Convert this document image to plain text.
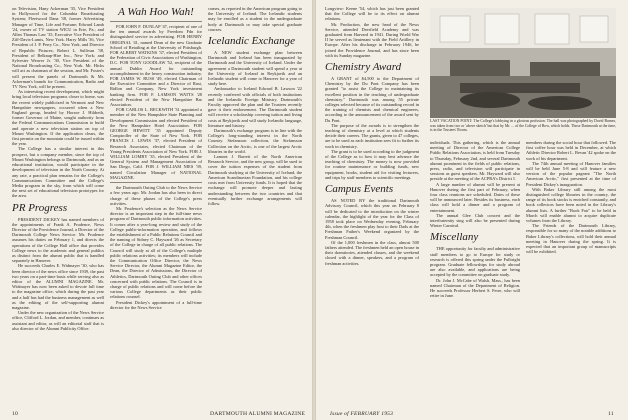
on Television, Hany Ackerman '35, Vice President in Hollywood for the Columbia Broadcasting System; Fleetwood Dana '38, former Advertising Manager of Time, Life and Fortune; Edward Lamb '24, owner of TV station WICU in Erie, Pa.; and Allen Thomas Law '35, Executive Vice President of Ziff-Davis-Lumis, New York. Harry Mills '36, Vice President of J. P. Perry Co., New York, and Director of Republic Pictures; Robert L. Sullivan '38, President of Belknap-Hire Inc., New York; and Sylvester Weaver Jr. '30, Vice President of the National Broadcasting Co., New York. Mr. Hicks will act as chairman of the session, and Mr. Foster's will present the panels of Dartmouth & Mr. Ackerman's brands for Communication, Radio and TV New York, will be present.

As interesting recent development, which might bring local television programs closer to home, was the recent widely publicized in Vermont and New Hampshire newspapers, occurred when a New England group, headed by Horace J. Hildreth, former Governor of Maine, sought authority from the Federal Communications Commission to build and operate a new television station on top of Mount Washington. If the application clears, the first permits on the mountain could be issued within the year.

The College has a similar interest in this prospect, but a company member, since the top of Mount Washington belongs to Dartmouth, and as an educational institution, would participate in the development of television in the North Country. At any rate, a practical plan remains for the College's Communications Committee and the College's Media program in the sky, from which will come the next set of educational television prototypes for the area.

PR Progress

PRESIDENT DICKEY has named members of the appointments of Frank A. Prudence, News Director of the Providence Journal, a Director of the Dartmouth College News Service. Mr. Prudence assumes his duties on February 1, and directs the operations of the College Hall office that provides College news to the academic and general publics as distinct from the alumni public that is handled separately in Hanover.

He succeeds Charles E. Widmayer '30, who has been director of the news office since 1939, the past two years on a part-time basis while serving also as editor of the ALUMNI MAGAZINE. Mr. Widmayer has now been asked to devote full time to the magazine office, which during the past year and a half has had the business management as well as the editing of the self-supporting alumni magazine.

Under the new organization of the News Service office, Clifford L. Jordan, and member, continues as assistant and editor, as will an editorial staff that is also director of the Alumni Publicity Office.

A Wah Hoo Wah!

FOR JOHN F. DUNLAP '47, recipient of one of the ten annual awards by Freedom Fdn for distinguished service in advertising. FOR HENRY ORIGINAL '41, named Dean of the new Graduate School of Retailing at the University of Pittsburgh. FOR ALBERT WATKINS '37, elected President of the Federation of Civic Associations of Washington, D.C. FOR TONY GOODLAW '52, recipient of the annual Dublin Award for outstanding accomplishment in the heavy construction industry. FOR JAMES W. RUSS '49, elected Chairman of the Executive Committee and a Director of Rust, Ridlon and Company, New York investment banking firm. FOR F. LAMSON WATTS '28 elected President of the New Hampshire Bar Association.

FOR CARLOS L. BECKWITH '31 appointed a member of the New Hampshire State Planning and Development Commission and elected President of the New Hampshire Hotel Association. FOR GEORGE HEWITT '35 appointed Deputy Comptroller of the State of New York. FOR FRANCIS J. LEWIS '37, elected President of Research Associates, elected Chairman of the Young Presidents Association of New York. FOR J. WILLIAM LOMBY '35, elected President of the General System and Management Association of San Diego, Calif. FOR J. WILLIAM NIES '39, named Circulation Manager of NATIONAL MAGAZINE.

the Dartmouth Outing Club to the News Service a few years ago. Mr. Jordan has also been in direct charge of these phases of the College's press activities.

Mr. Prudence's selection as the News Service director is an important step in the full-time news program of Dartmouth public information activities. It comes after a year-long review and study of the College public-information operation, and follows the establishment of a Public Relations Council and the naming of Sidney C. Hayward '26 as Secretary of the College in charge of all public relations. The Council will study at all of the College's multiple public relations activities; its members will include the Communication Office Director, the News Service Director, the Alumni Magazine Editor, the Dean, the Director of Admissions, the Director of Athletics, Dartmouth Outing Club and other offices concerned with public relations. The Council is in charge of public relations and will come before the various College departments as their public relations counsel.

President Dickey's appointment of a full-time director for the News Service

comes, as reported in the American program going to the University of Iceland. The Icelandic students may be enrolled as a student in the undergraduate body at Dartmouth or may take special graduate courses.

Icelandic Exchange

A NEW student exchange plan between Dartmouth and Iceland has been inaugurated by Dartmouth and the University of Iceland. Under the agreement a Dartmouth student will spend a year at the University of Iceland in Reykjavik and an Icelandic student will come to Hanover for a year of study here.

Ambassador to Iceland Edward B. Lawson '22 recently conferred with officials of both institutions and the Icelandic Foreign Ministry. Dartmouth's Faculty approved the plan and the Trustees recently gave it their endorsement. The Dartmouth student will receive a scholarship covering tuition and living costs at Reykjavik and will study Icelandic language, literature and history.

Dartmouth's exchange program is in line with the College's long-standing interest in the North Country. Stefansson collection, the Stefansson Collection on the Arctic, is one of the largest Arctic libraries in the world.

Lamont J. Barrett of the North American Research Service, and the new group, will be used to cover the tuition expenses of the student from Dartmouth studying at the University of Iceland, the American Scandinavian Foundation, and his college costs met from University funds. It is hoped that the exchange will promote deeper and lasting understanding between the two countries and that eventually further exchange arrangements will follow.

Longview: Keene '54, which has just been granted that the College will be to its effect on alumni relations.

Mr. Production, the new head of the News Service, attended Deerfield Academy and was graduated from Harvard in 1941. During World War II he served as lieutenant with the Field Artillery in Europe. After his discharge in February 1946, he joined the Providence Journal, and has since been with its Sunday magazine.

Chemistry Award

A GRANT of $4,500 to the Department of Chemistry by the Du Pont Company has been granted "to assist the College in maintaining its excellent position in the teaching of undergraduate chemistry." Dartmouth was among 55 private colleges selected because of its outstanding record in the training of chemists and chemical engineers, according to the announcement of the award sent by Du Pont.

The purpose of the awards is to strengthen the teaching of chemistry at a level at which students decide their careers. The grants, given to 47 colleges, are to be used as each institution sees fit to further its work in chemistry.

The grant is to be used according to the judgment of the College as to how it may best advance the teaching of chemistry. The money is now provided for routine maintenance or building funds, new equipment, books, student aid for visiting lecturers, and trips by staff members to scientific meetings.

Campus Events

AS NOTED BY the traditional Dartmouth Advisory Council, which this year on February 8 will be dedicated to the introduction on the winter calendar, the highlight of the year for the Class of 1958 took place on Wednesday evening, February 4th, when the freshmen play host to their Dads at the Freshman Father's Weekend organized by the Freshman Council.

Of the 1,000 freshmen in the class, almost 500 fathers attended. The freshmen held an open house in their dormitories, attended classes, and the weekend closed with a dinner, speakers, and a program of freshman activities.

LAST VACATION POINT: The College's lobbying in a glorious profusion. The hall was photographed by David Barnes, was taken from two or 'above sketch' but that by Mr. ... of the College of Bow, which holds. Those Dartmouth at the time, is in the Trustees' Room.

individuals. This gathering, which is the annual meeting of Director of the American College Public Relations Association, is held from Tuesday to Thursday, February 2nd, and several Dartmouth alumni prominent in the fields of public relations, press, radio, and television will participate in sessions as guest speakers. Mr. Hayward will also preside at the meeting of the ACPRA's District I.

A large number of alumni will be present at Hanover during the first part of February, when four class reunions are scheduled. Dates of these will be announced later. Besides its business, each class will hold a dinner and a program of entertainment.

The annual Glee Club concert and the interfraternity sing will also be presented during Winter Carnival.

Miscellany

THE opportunity for faculty and administrative staff members to go to Europe for study or research is offered this spring under the Fulbright program. Graduate fellowships for study abroad are also available, and applications are being accepted by the committee on graduate study.

Dr. John J. McCabe of Walsh, Mass., has been named Chairman of the Department of Religion. He succeeds Professor Herbert S. Ferre, who will retire in June.

members during the social hour that followed. The first coffee hour was held in December, at which Athletic Director Robert L. Bevan '42 spoke on the work of his department.

The 74th annual meeting of Hanover families will be held June 5-8 and will feature a new version of the popular pageant "The North American Arctic," first presented at the time of President Dickey's inauguration.

With Baker Library still among the most distinguished college libraries in the country, the range of its book stocks is enriched constantly, and book collectors have been noted in the Library's alumni lists. A further "Book Fair" to be held in March will enable alumni to acquire duplicate volumes from the Library.

The Friends of the Dartmouth Library, responsible for so many of the notable additions to Baker Library's collections, will hold their annual meeting in Hanover during the spring. It is expected that an important group of manuscripts will be exhibited.

10	DARTMOUTH ALUMNI MAGAZINE	Issue of FEBRUARY 1953	11
